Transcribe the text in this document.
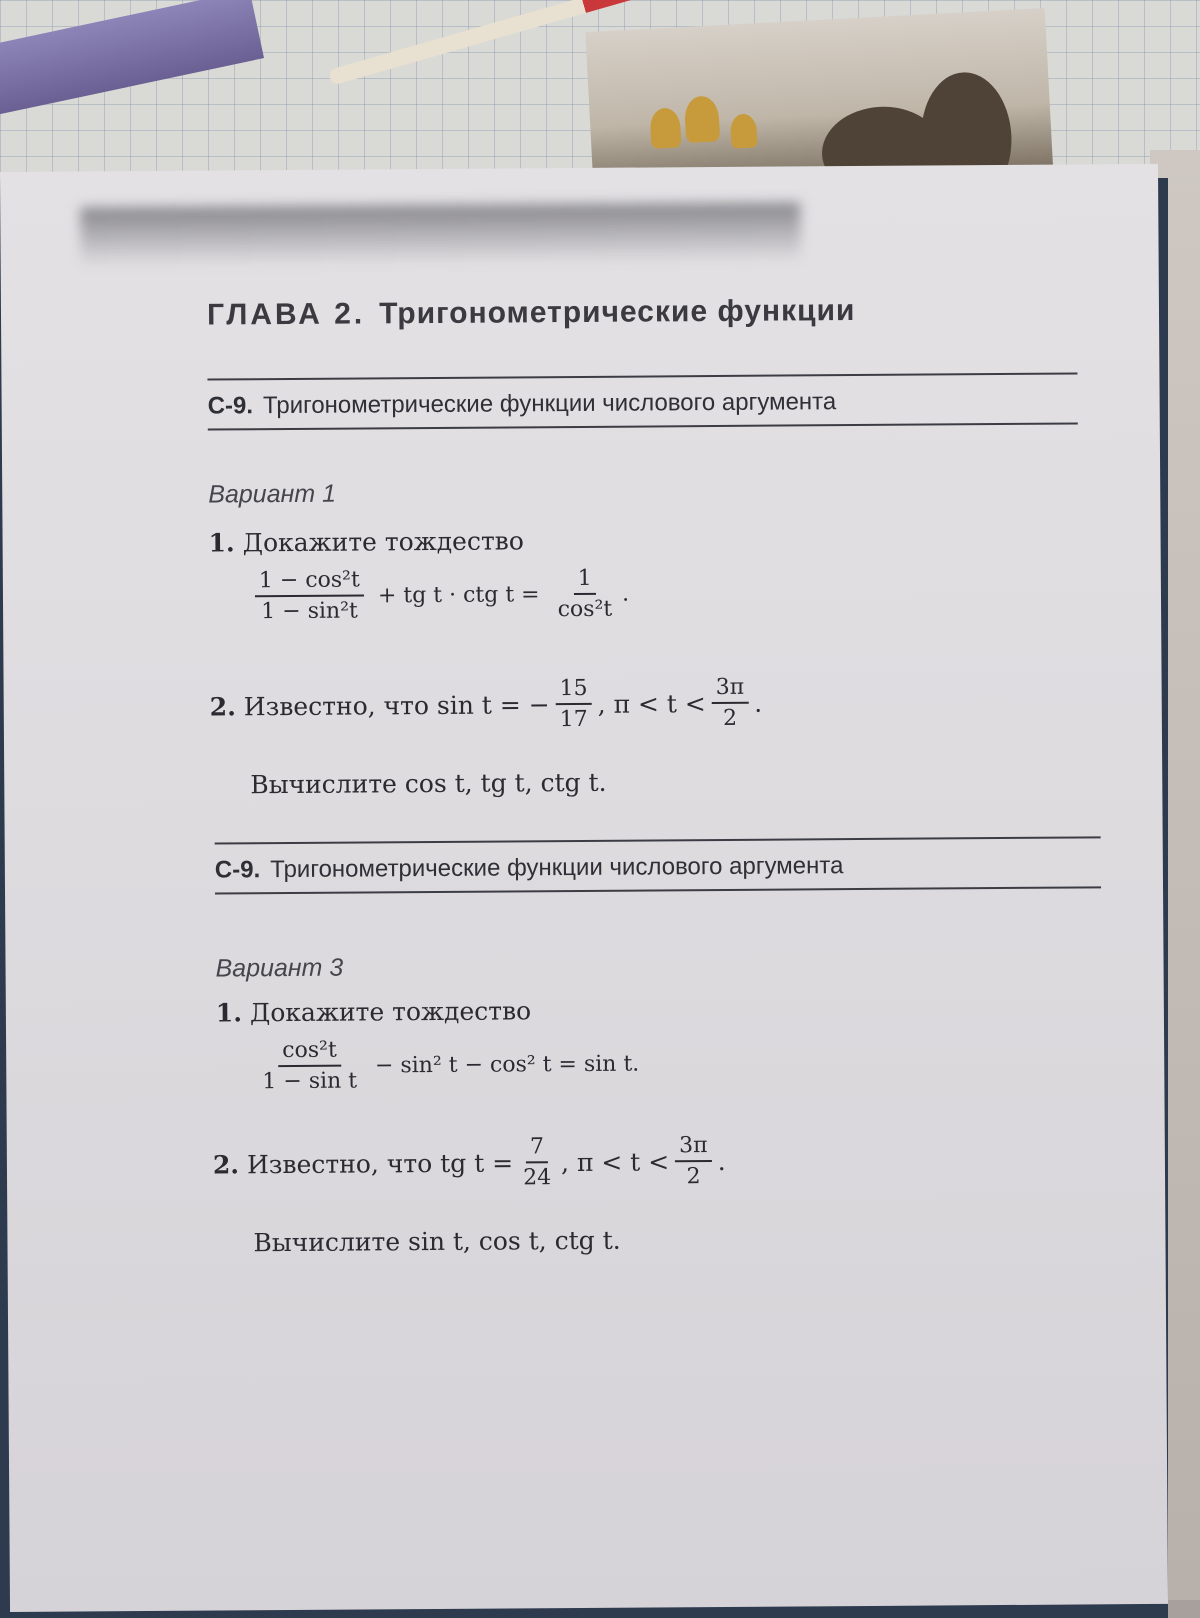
ГЛАВА 2. Тригонометрические функции
С-9. Тригонометрические функции числового аргумента
Вариант 1
1. Докажите тождество
$\frac{\text{1 − cos²t}}{\text{1 − sin²t}}$ + tg t · ctg $t = \frac{1}{\text{cos²t}}$ .
2. Известно, что sin t = − $\frac{15}{17}$ , $\pi < t < \frac{3\pi}{2}$ .
Вычислите cos t, tg t, ctg t.
С-9. Тригонометрические функции числового аргумента
Вариант 3
1. Докажите тождество
$\frac{\text{cos²t}}{\text{1 − sin t}} - \sin^2$ t − cos² t = sin t.
2. Известно, что tg $t = \frac{7}{24}$ , $\pi < t < \frac{3\pi}{2}$ .
Вычислите sin t, cos t, ctg t.
